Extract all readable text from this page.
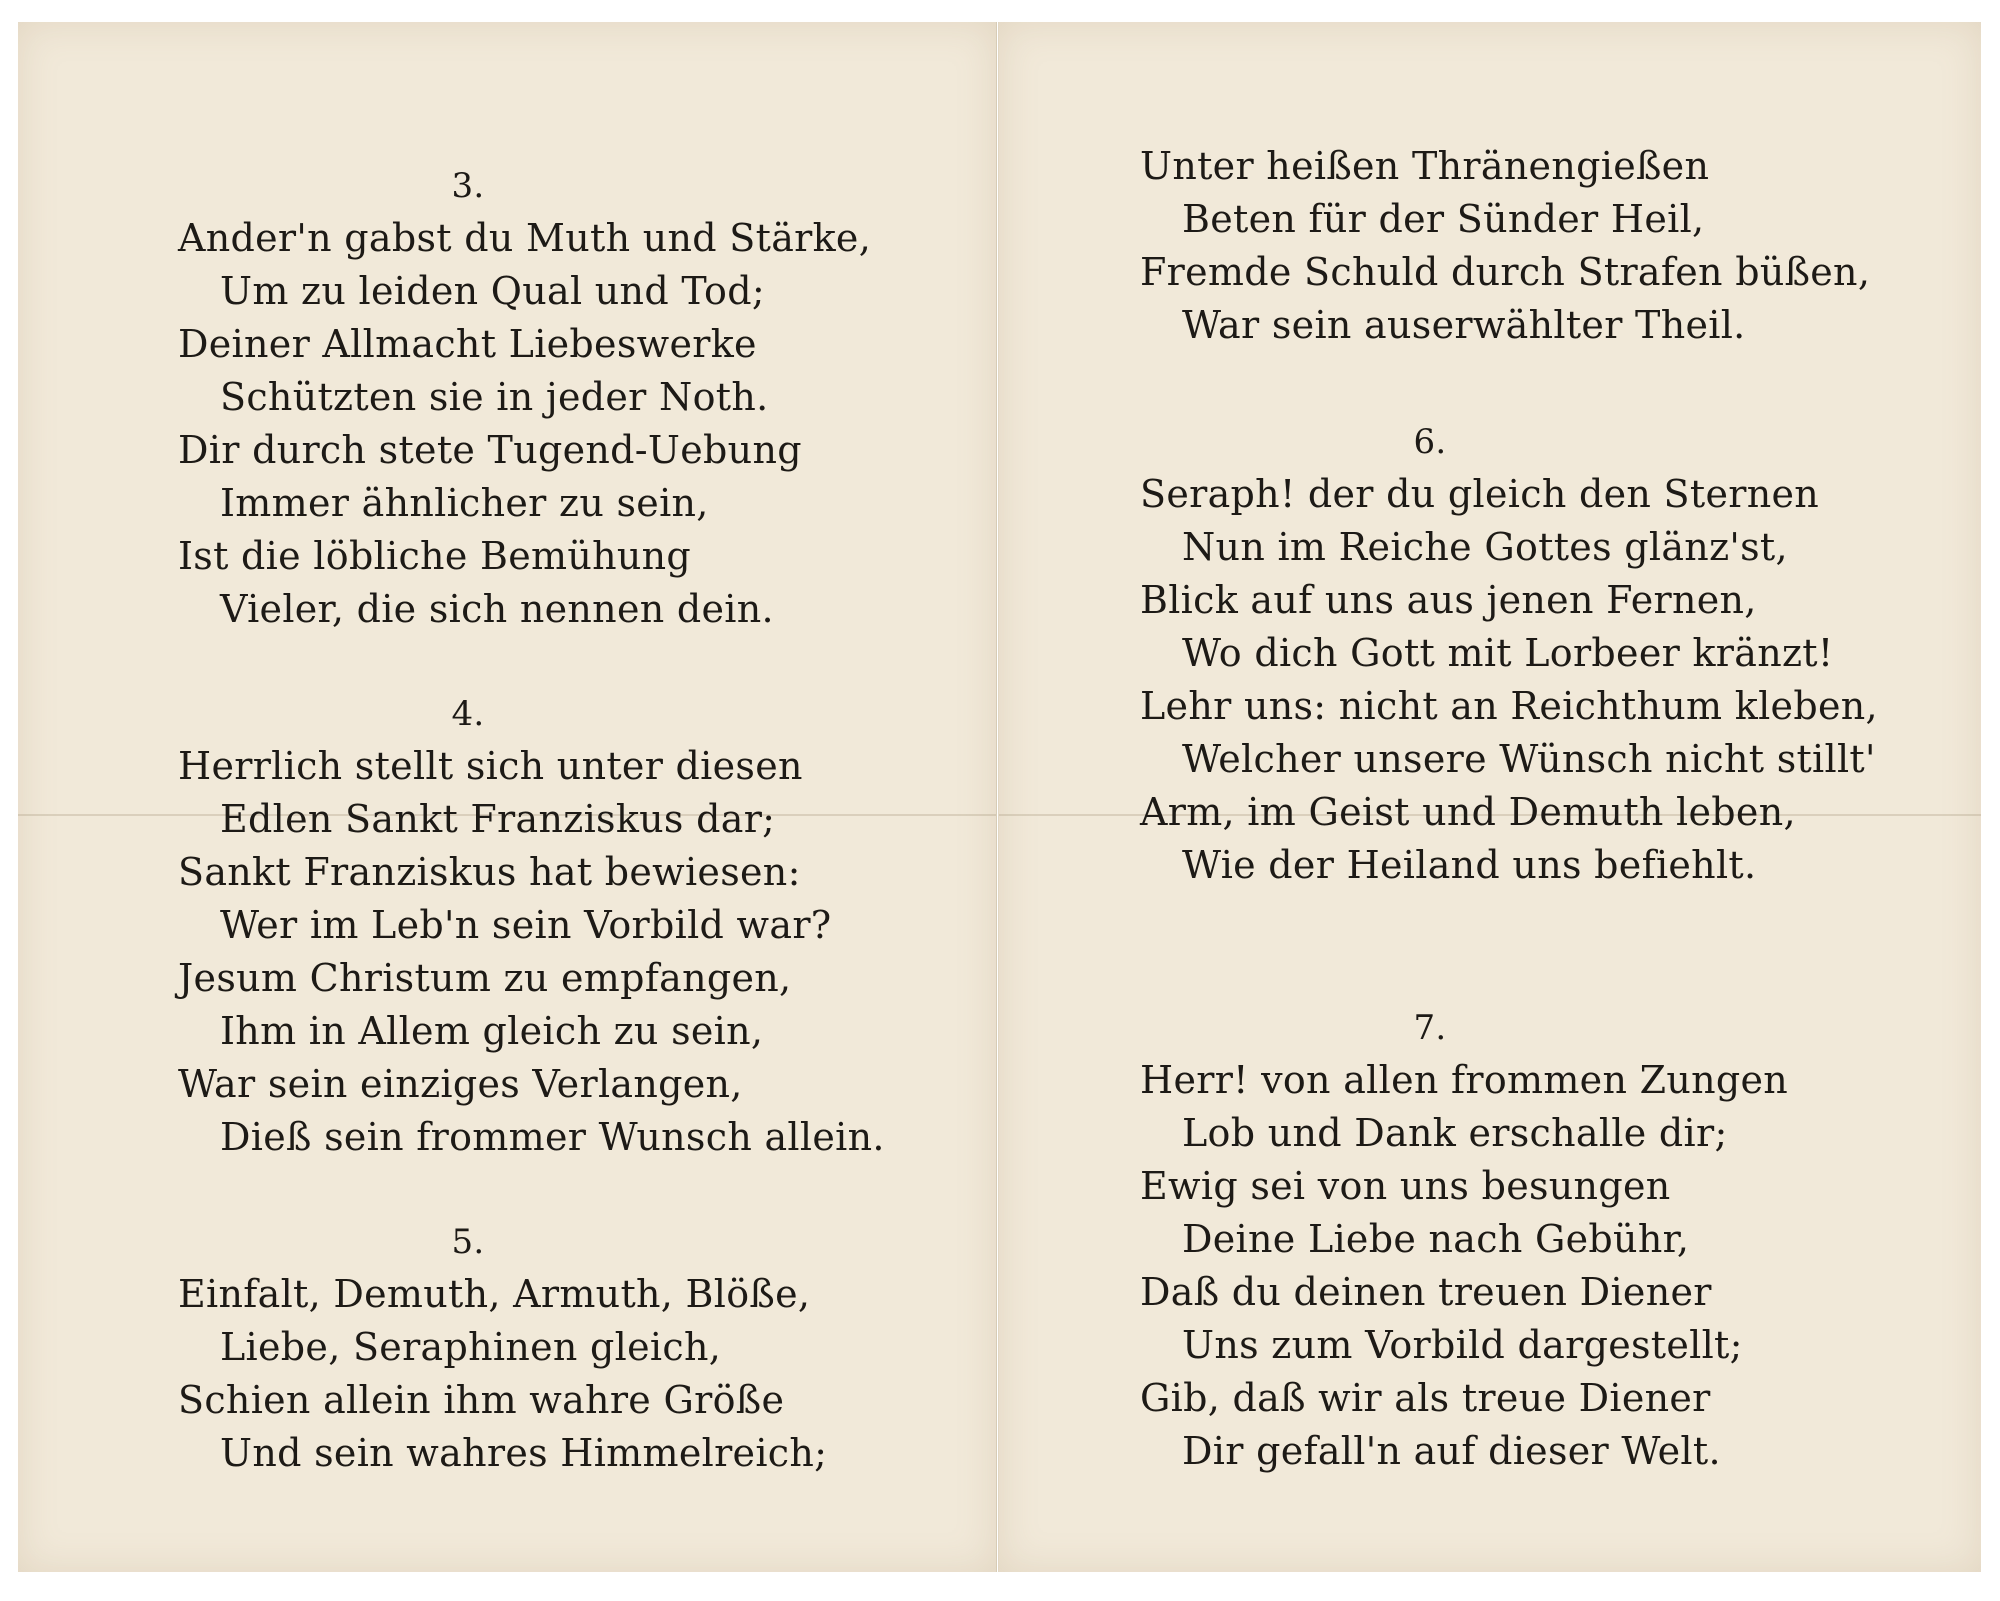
3.
Ander'n gabst du Muth und Stärke,
Um zu leiden Qual und Tod;
Deiner Allmacht Liebeswerke
Schützten sie in jeder Noth.
Dir durch stete Tugend-Uebung
Immer ähnlicher zu sein,
Ist die löbliche Bemühung
Vieler, die sich nennen dein.
4.
Herrlich stellt sich unter diesen
Edlen Sankt Franziskus dar;
Sankt Franziskus hat bewiesen:
Wer im Leb'n sein Vorbild war?
Jesum Christum zu empfangen,
Ihm in Allem gleich zu sein,
War sein einziges Verlangen,
Dieß sein frommer Wunsch allein.
5.
Einfalt, Demuth, Armuth, Blöße,
Liebe, Seraphinen gleich,
Schien allein ihm wahre Größe
Und sein wahres Himmelreich;
Unter heißen Thränengießen
Beten für der Sünder Heil,
Fremde Schuld durch Strafen büßen,
War sein auserwählter Theil.
6.
Seraph! der du gleich den Sternen
Nun im Reiche Gottes glänz'st,
Blick auf uns aus jenen Fernen,
Wo dich Gott mit Lorbeer kränzt!
Lehr uns: nicht an Reichthum kleben,
Welcher unsere Wünsch nicht stillt'
Arm, im Geist und Demuth leben,
Wie der Heiland uns befiehlt.
7.
Herr! von allen frommen Zungen
Lob und Dank erschalle dir;
Ewig sei von uns besungen
Deine Liebe nach Gebühr,
Daß du deinen treuen Diener
Uns zum Vorbild dargestellt;
Gib, daß wir als treue Diener
Dir gefall'n auf dieser Welt.
